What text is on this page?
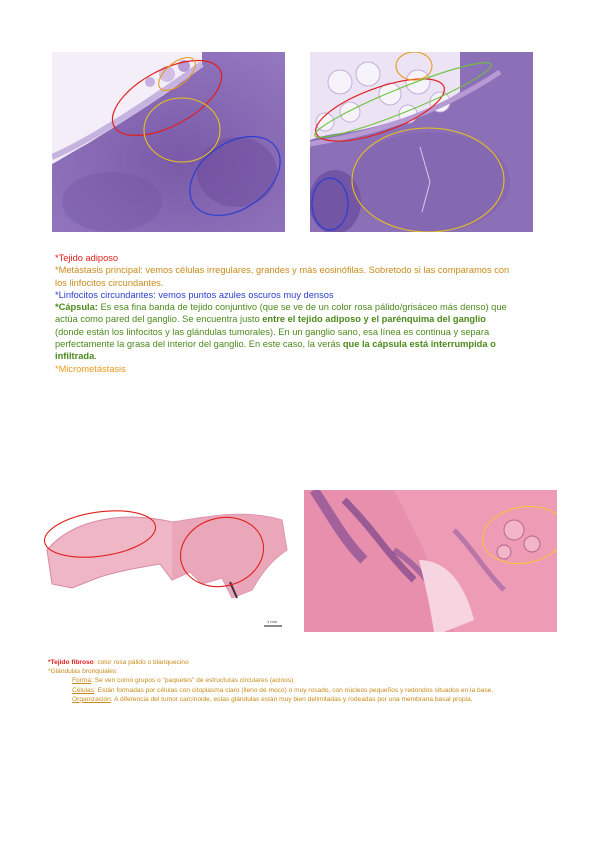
*Tejido adiposo

*Metástasis principal: vemos células irregulares, grandes y más eosinófilas. Sobretodo si las comparamos con los linfocitos circundantes.

*Linfocitos circundantes: vemos puntos azules oscuros muy densos

*Cápsula: Es esa fina banda de tejido conjuntivo (que se ve de un color rosa pálido/grisáceo más denso) que actúa como pared del ganglio. Se encuentra justo entre el tejido adiposo y el parénquima del ganglio (donde están los linfocitos y las glándulas tumorales). En un ganglio sano, esa línea es continua y separa perfectamente la grasa del interior del ganglio. En este caso, la verás que la cápsula está interrumpida o infiltrada.

*Micrometástasis

1 mm

*Tejido fibroso: color rosa pálido o blanquecino

*Glándulas bronquiales:

Forma: Se ven como grupos o "paquetes" de estructuras circulares (acinos).

Células: Están formadas por células con citoplasma claro (lleno de moco) o muy rosado, con núcleos pequeños y redondos situados en la base.

Organización: A diferencia del tumor carcinoide, estas glándulas están muy bien delimitadas y rodeadas por una membrana basal propia.
